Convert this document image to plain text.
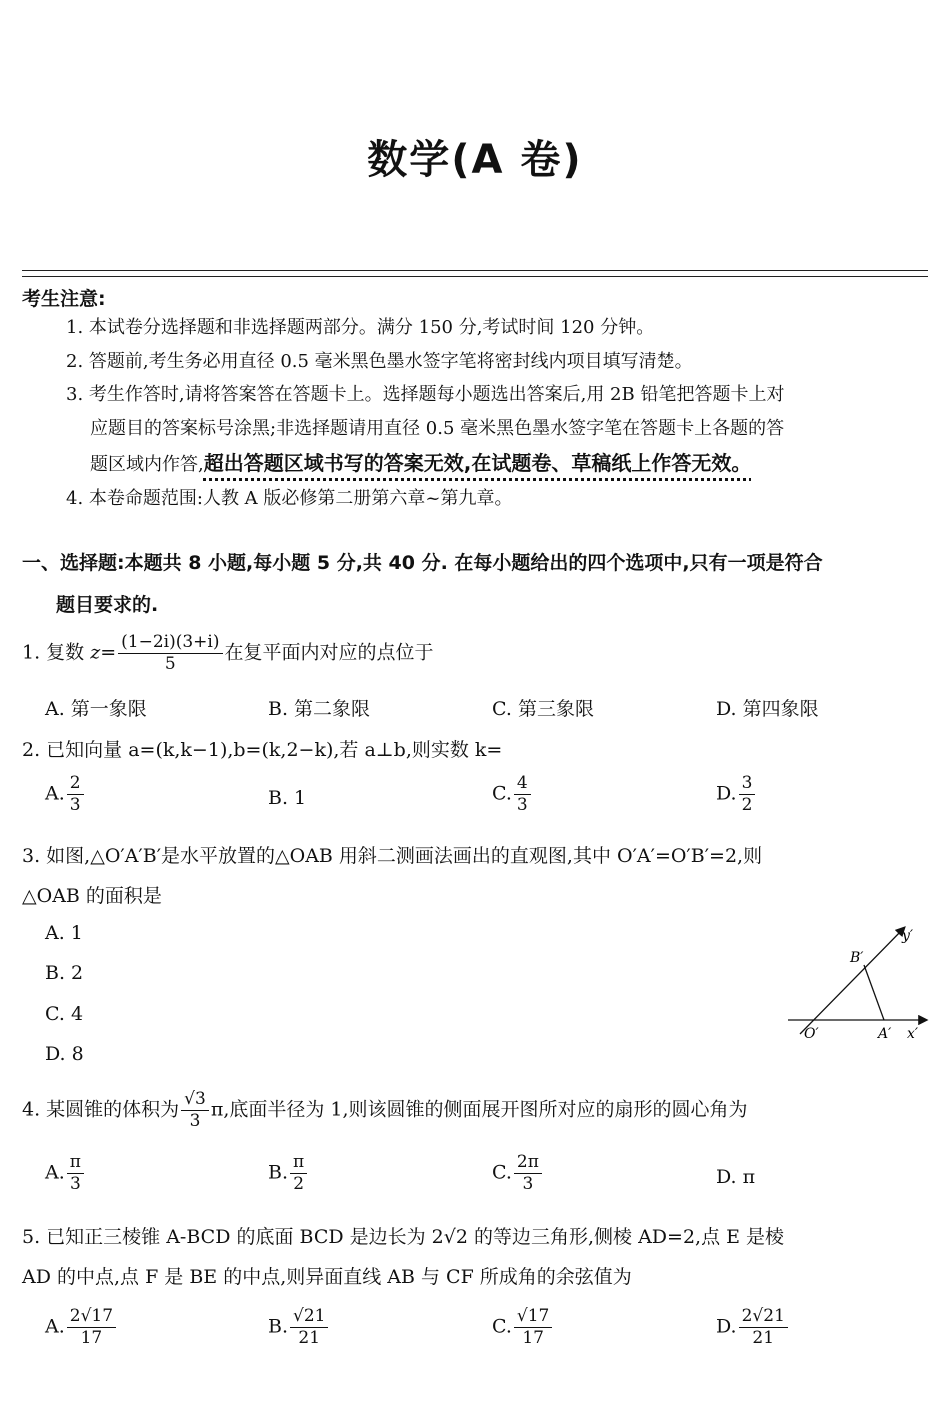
数学(A 卷)
考生注意:
1. 本试卷分选择题和非选择题两部分。满分 150 分,考试时间 120 分钟。
2. 答题前,考生务必用直径 0.5 毫米黑色墨水签字笔将密封线内项目填写清楚。
3. 考生作答时,请将答案答在答题卡上。选择题每小题选出答案后,用 2B 铅笔把答题卡上对
应题目的答案标号涂黑;非选择题请用直径 0.5 毫米黑色墨水签字笔在答题卡上各题的答
题区域内作答,超出答题区域书写的答案无效,在试题卷、草稿纸上作答无效。
4. 本卷命题范围:人教 A 版必修第二册第六章~第九章。
一、选择题:本题共 8 小题,每小题 5 分,共 40 分. 在每小题给出的四个选项中,只有一项是符合
题目要求的.
1. 复数 $z= \frac{(1-2i)(3+i)}{5}$ 在复平面内对应的点位于
A. 第一象限	B. 第二象限	C. 第三象限	D. 第四象限
2. 已知向量 a=(k,k−1),b=(k,2−k),若 a⊥b,则实数 k=
A. $\frac{2}{3}$	B. 1	C. $\frac{4}{3}$	D. $\frac{3}{2}$
3. 如图,△O′A′B′是水平放置的△OAB 用斜二测画法画出的直观图,其中 O′A′=O′B′=2,则
△OAB 的面积是
A. 1
B. 2
C. 4
D. 8
y′
x′
O′	A′
B′
4. 某圆锥的体积为 $\frac{√3}{3} \pi$,底面半径为 1,则该圆锥的侧面展开图所对应的扇形的圆心角为
A. $\frac{\pi}{3}$	B. $\frac{\pi}{2}$	C. $\frac{2\pi}{3}$	D. π
5. 已知正三棱锥 A-BCD 的底面 BCD 是边长为 2√2 的等边三角形,侧棱 AD=2,点 E 是棱
AD 的中点,点 F 是 BE 的中点,则异面直线 AB 与 CF 所成角的余弦值为
A. $\frac{2√17}{17}$	B. $\frac{√21}{21}$	C. $\frac{√17}{17}$	D. $\frac{2√21}{21}$
